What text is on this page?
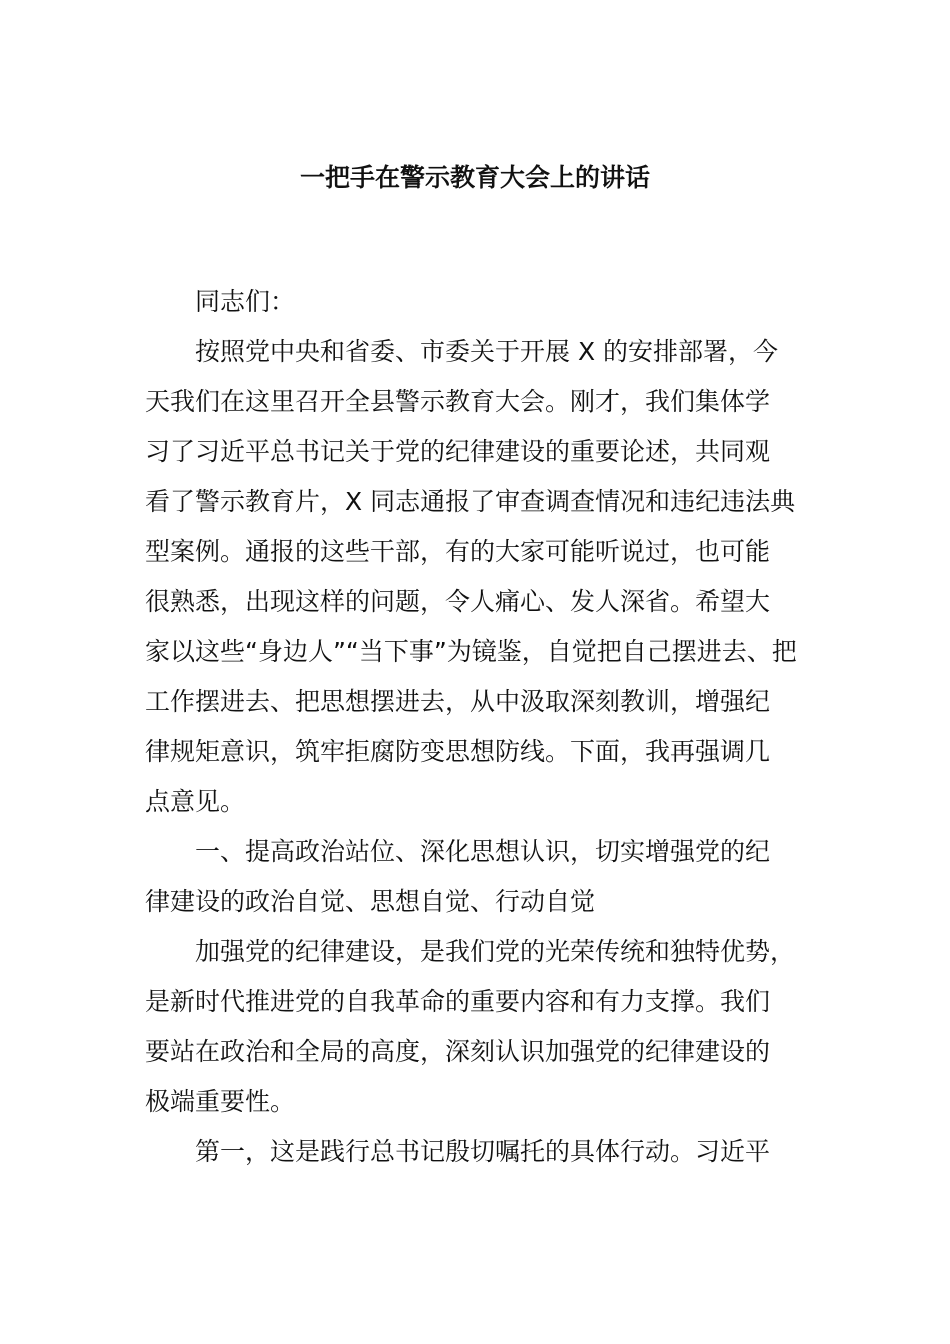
一把手在警示教育大会上的讲话
同志们：
按照党中央和省委、市委关于开展 X 的安排部署，今
天我们在这里召开全县警示教育大会。刚才，我们集体学
习了习近平总书记关于党的纪律建设的重要论述，共同观
看了警示教育片，X 同志通报了审查调查情况和违纪违法典
型案例。通报的这些干部，有的大家可能听说过，也可能
很熟悉，出现这样的问题，令人痛心、发人深省。希望大
家以这些“身边人”“当下事”为镜鉴，自觉把自己摆进去、把
工作摆进去、把思想摆进去，从中汲取深刻教训，增强纪
律规矩意识，筑牢拒腐防变思想防线。下面，我再强调几
点意见。
一、提高政治站位、深化思想认识，切实增强党的纪
律建设的政治自觉、思想自觉、行动自觉
加强党的纪律建设，是我们党的光荣传统和独特优势，
是新时代推进党的自我革命的重要内容和有力支撑。我们
要站在政治和全局的高度，深刻认识加强党的纪律建设的
极端重要性。
第一，这是践行总书记殷切嘱托的具体行动。习近平
